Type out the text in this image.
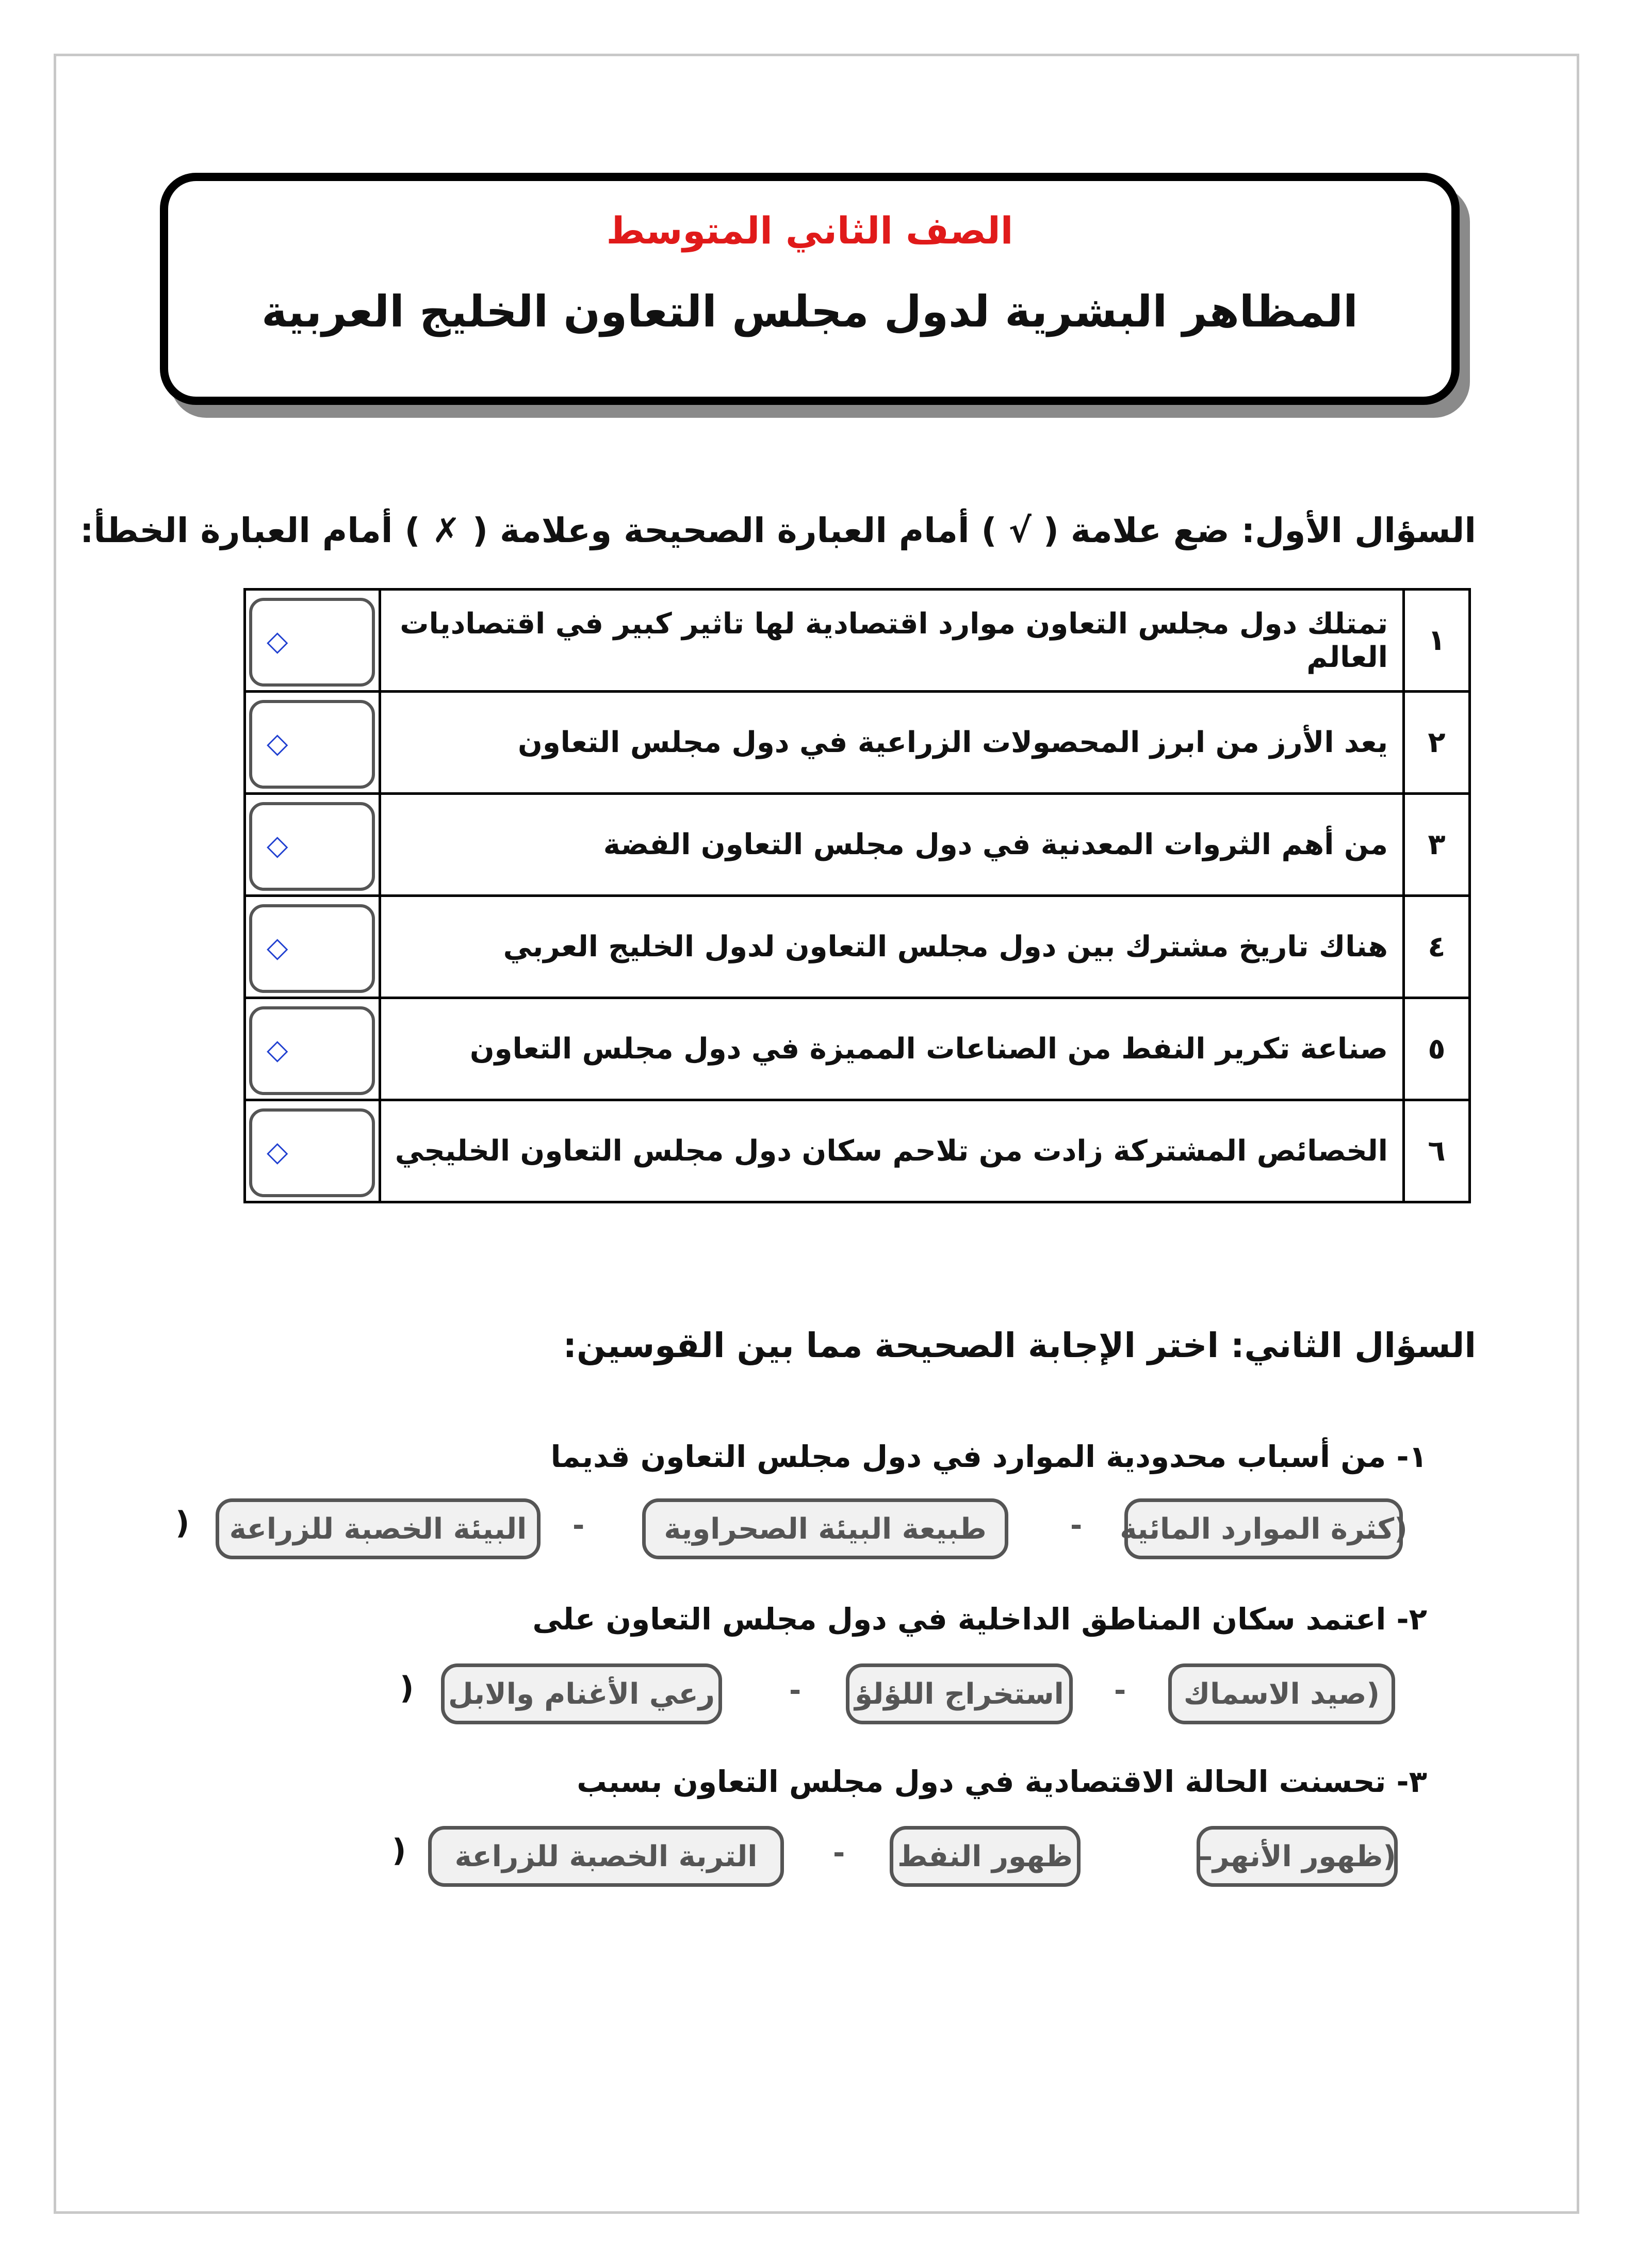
الصف الثاني المتوسط
المظاهر البشرية لدول مجلس التعاون الخليج العربية
السؤال الأول: ضع علامة ( √ ) أمام العبارة الصحيحة وعلامة ( ✗ ) أمام العبارة الخطأ:
١	تمتلك دول مجلس التعاون موارد اقتصادية لها تاثير كبير في اقتصاديات العالم	◇

٢	يعد الأرز من ابرز المحصولات الزراعية في دول مجلس التعاون	◇

٣	من أهم الثروات المعدنية في دول مجلس التعاون الفضة	◇

٤	هناك تاريخ مشترك بين دول مجلس التعاون لدول الخليج العربي	◇

٥	صناعة تكرير النفط من الصناعات المميزة في دول مجلس التعاون	◇

٦	الخصائص المشتركة زادت من تلاحم سكان دول مجلس التعاون الخليجي	◇
السؤال الثاني: اختر الإجابة الصحيحة مما بين القوسين:
١- من أسباب محدودية الموارد في دول مجلس التعاون قديما
(كثرة الموارد المائية
-
طبيعة البيئة الصحراوية
-
البيئة الخصبة للزراعة
)
٢- اعتمد سكان المناطق الداخلية في دول مجلس التعاون على
(صيد الاسماك
-
استخراج اللؤلؤ
-
رعي الأغنام والابل
)
٣- تحسنت الحالة الاقتصادية في دول مجلس التعاون بسبب
(ظهور الأنهر–
ظهور النفط
-
التربة الخصبة للزراعة
)
